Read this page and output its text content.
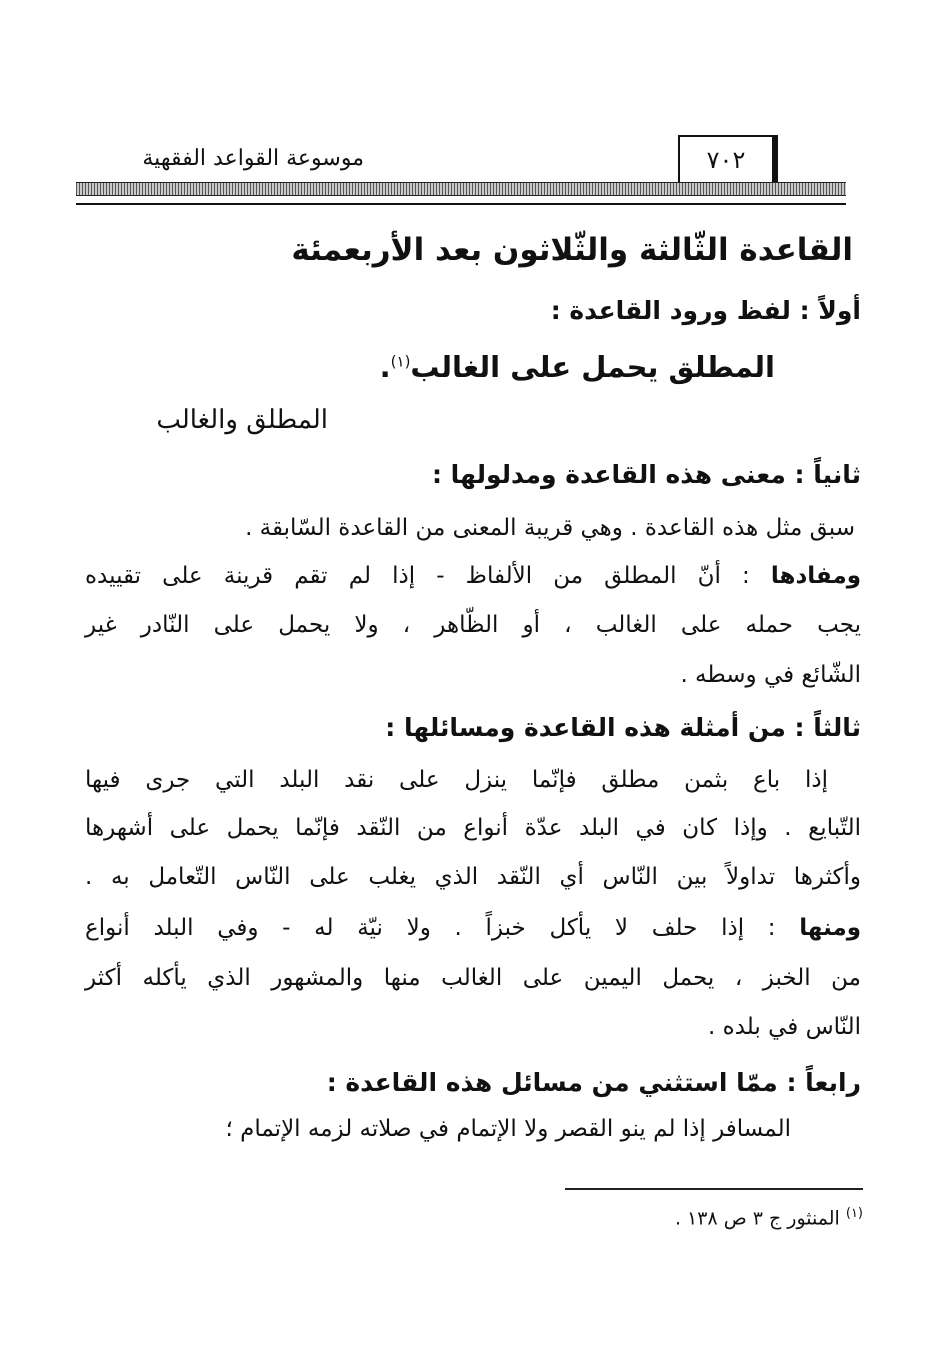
موسوعة القواعد الفقهية	٧٠٢
القاعدة الثّالثة والثّلاثون بعد الأربعمئة
أولاً : لفظ ورود القاعدة :
المطلق يحمل على الغالب$^{(١)}$.
المطلق والغالب
ثانياً : معنى هذه القاعدة ومدلولها :
سبق مثل هذه القاعدة . وهي قريبة المعنى من القاعدة السّابقة .
ومفادها : أنّ المطلق من الألفاظ - إذا لم تقم قرينة على تقييده
يجب حمله على الغالب ، أو الظّاهر ، ولا يحمل على النّادر غير
الشّائع في وسطه .
ثالثاً : من أمثلة هذه القاعدة ومسائلها :
إذا باع بثمن مطلق فإنّما ينزل على نقد البلد التي جرى فيها
التّبايع . وإذا كان في البلد عدّة أنواع من النّقد فإنّما يحمل على أشهرها
وأكثرها تداولاً بين النّاس أي النّقد الذي يغلب على النّاس التّعامل به .
ومنها : إذا حلف لا يأكل خبزاً . ولا نيّة له - وفي البلد أنواع
من الخبز ، يحمل اليمين على الغالب منها والمشهور الذي يأكله أكثر
النّاس في بلده .
رابعاً : ممّا استثني من مسائل هذه القاعدة :
المسافر إذا لم ينو القصر ولا الإتمام في صلاته لزمه الإتمام ؛
$^{(١)}$ المنثور ج ٣ ص ١٣٨ .
